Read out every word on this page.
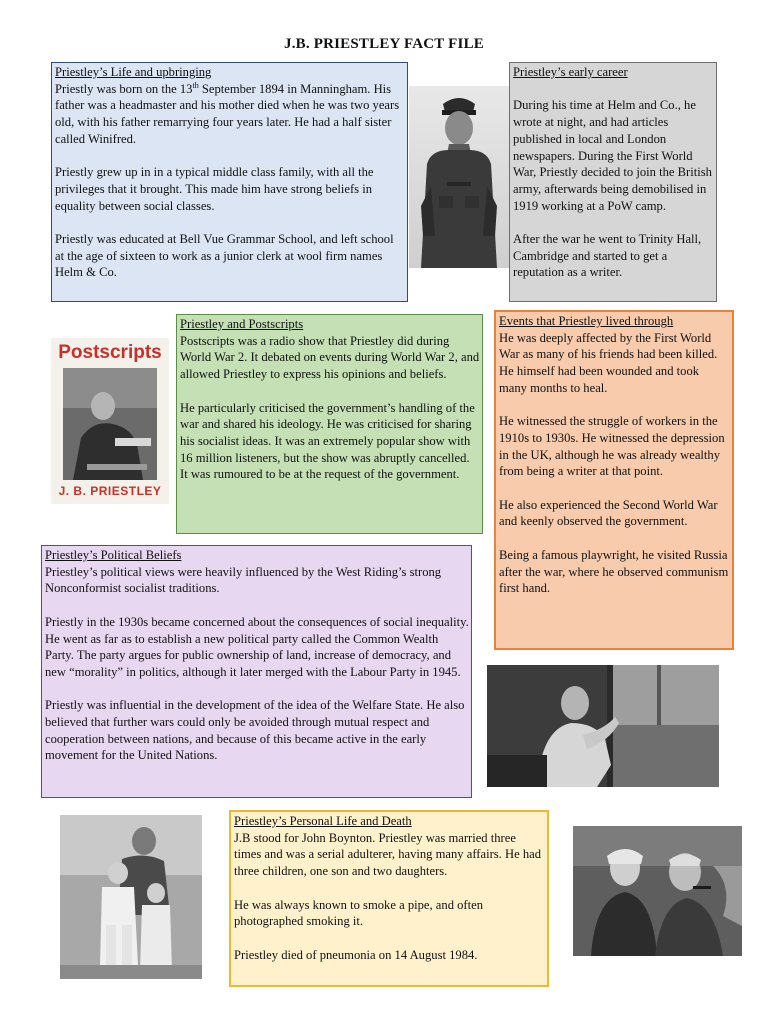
J.B. PRIESTLEY FACT FILE
Priestley’s Life and upbringing

Priestly was born on the 13th September 1894 in Manningham. His father was a headmaster and his mother died when he was two years old, with his father remarrying four years later. He had a half sister called Winifred.

Priestly grew up in in a typical middle class family, with all the privileges that it brought. This made him have strong beliefs in equality between social classes.

Priestly was educated at Bell Vue Grammar School, and left school at the age of sixteen to work as a junior clerk at wool firm names Helm & Co.

Priestley’s early career

During his time at Helm and Co., he wrote at night, and had articles published in local and London newspapers. During the First World War, Priestly decided to join the British army, afterwards being demobilised in 1919 working at a PoW camp.

After the war he went to Trinity Hall, Cambridge and started to get a reputation as a writer.

Postscripts
J. B. PRIESTLEY
Priestley and Postscripts

Postscripts was a radio show that Priestley did during World War 2. It debated on events during World War 2, and allowed Priestley to express his opinions and beliefs.

He particularly criticised the government’s handling of the war and shared his ideology. He was criticised for sharing his socialist ideas. It was an extremely popular show with 16 million listeners, but the show was abruptly cancelled. It was rumoured to be at the request of the government.

Events that Priestley lived through

He was deeply affected by the First World War as many of his friends had been killed. He himself had been wounded and took many months to heal.

He witnessed the struggle of workers in the 1910s to 1930s. He witnessed the depression in the UK, although he was already wealthy from being a writer at that point.

He also experienced the Second World War and keenly observed the government.

Being a famous playwright, he visited Russia after the war, where he observed communism first hand.

Priestley’s Political Beliefs

Priestley’s political views were heavily influenced by the West Riding’s strong Nonconformist socialist traditions.

Priestly in the 1930s became concerned about the consequences of social inequality. He went as far as to establish a new political party called the Common Wealth Party. The party argues for public ownership of land, increase of democracy, and new “morality” in politics, although it later merged with the Labour Party in 1945.

Priestly was influential in the development of the idea of the Welfare State. He also believed that further wars could only be avoided through mutual respect and cooperation between nations, and because of this became active in the early movement for the United Nations.

Priestley’s Personal Life and Death

J.B stood for John Boynton. Priestley was married three times and was a serial adulterer, having many affairs. He had three children, one son and two daughters.

He was always known to smoke a pipe, and often photographed smoking it.

Priestley died of pneumonia on 14 August 1984.
